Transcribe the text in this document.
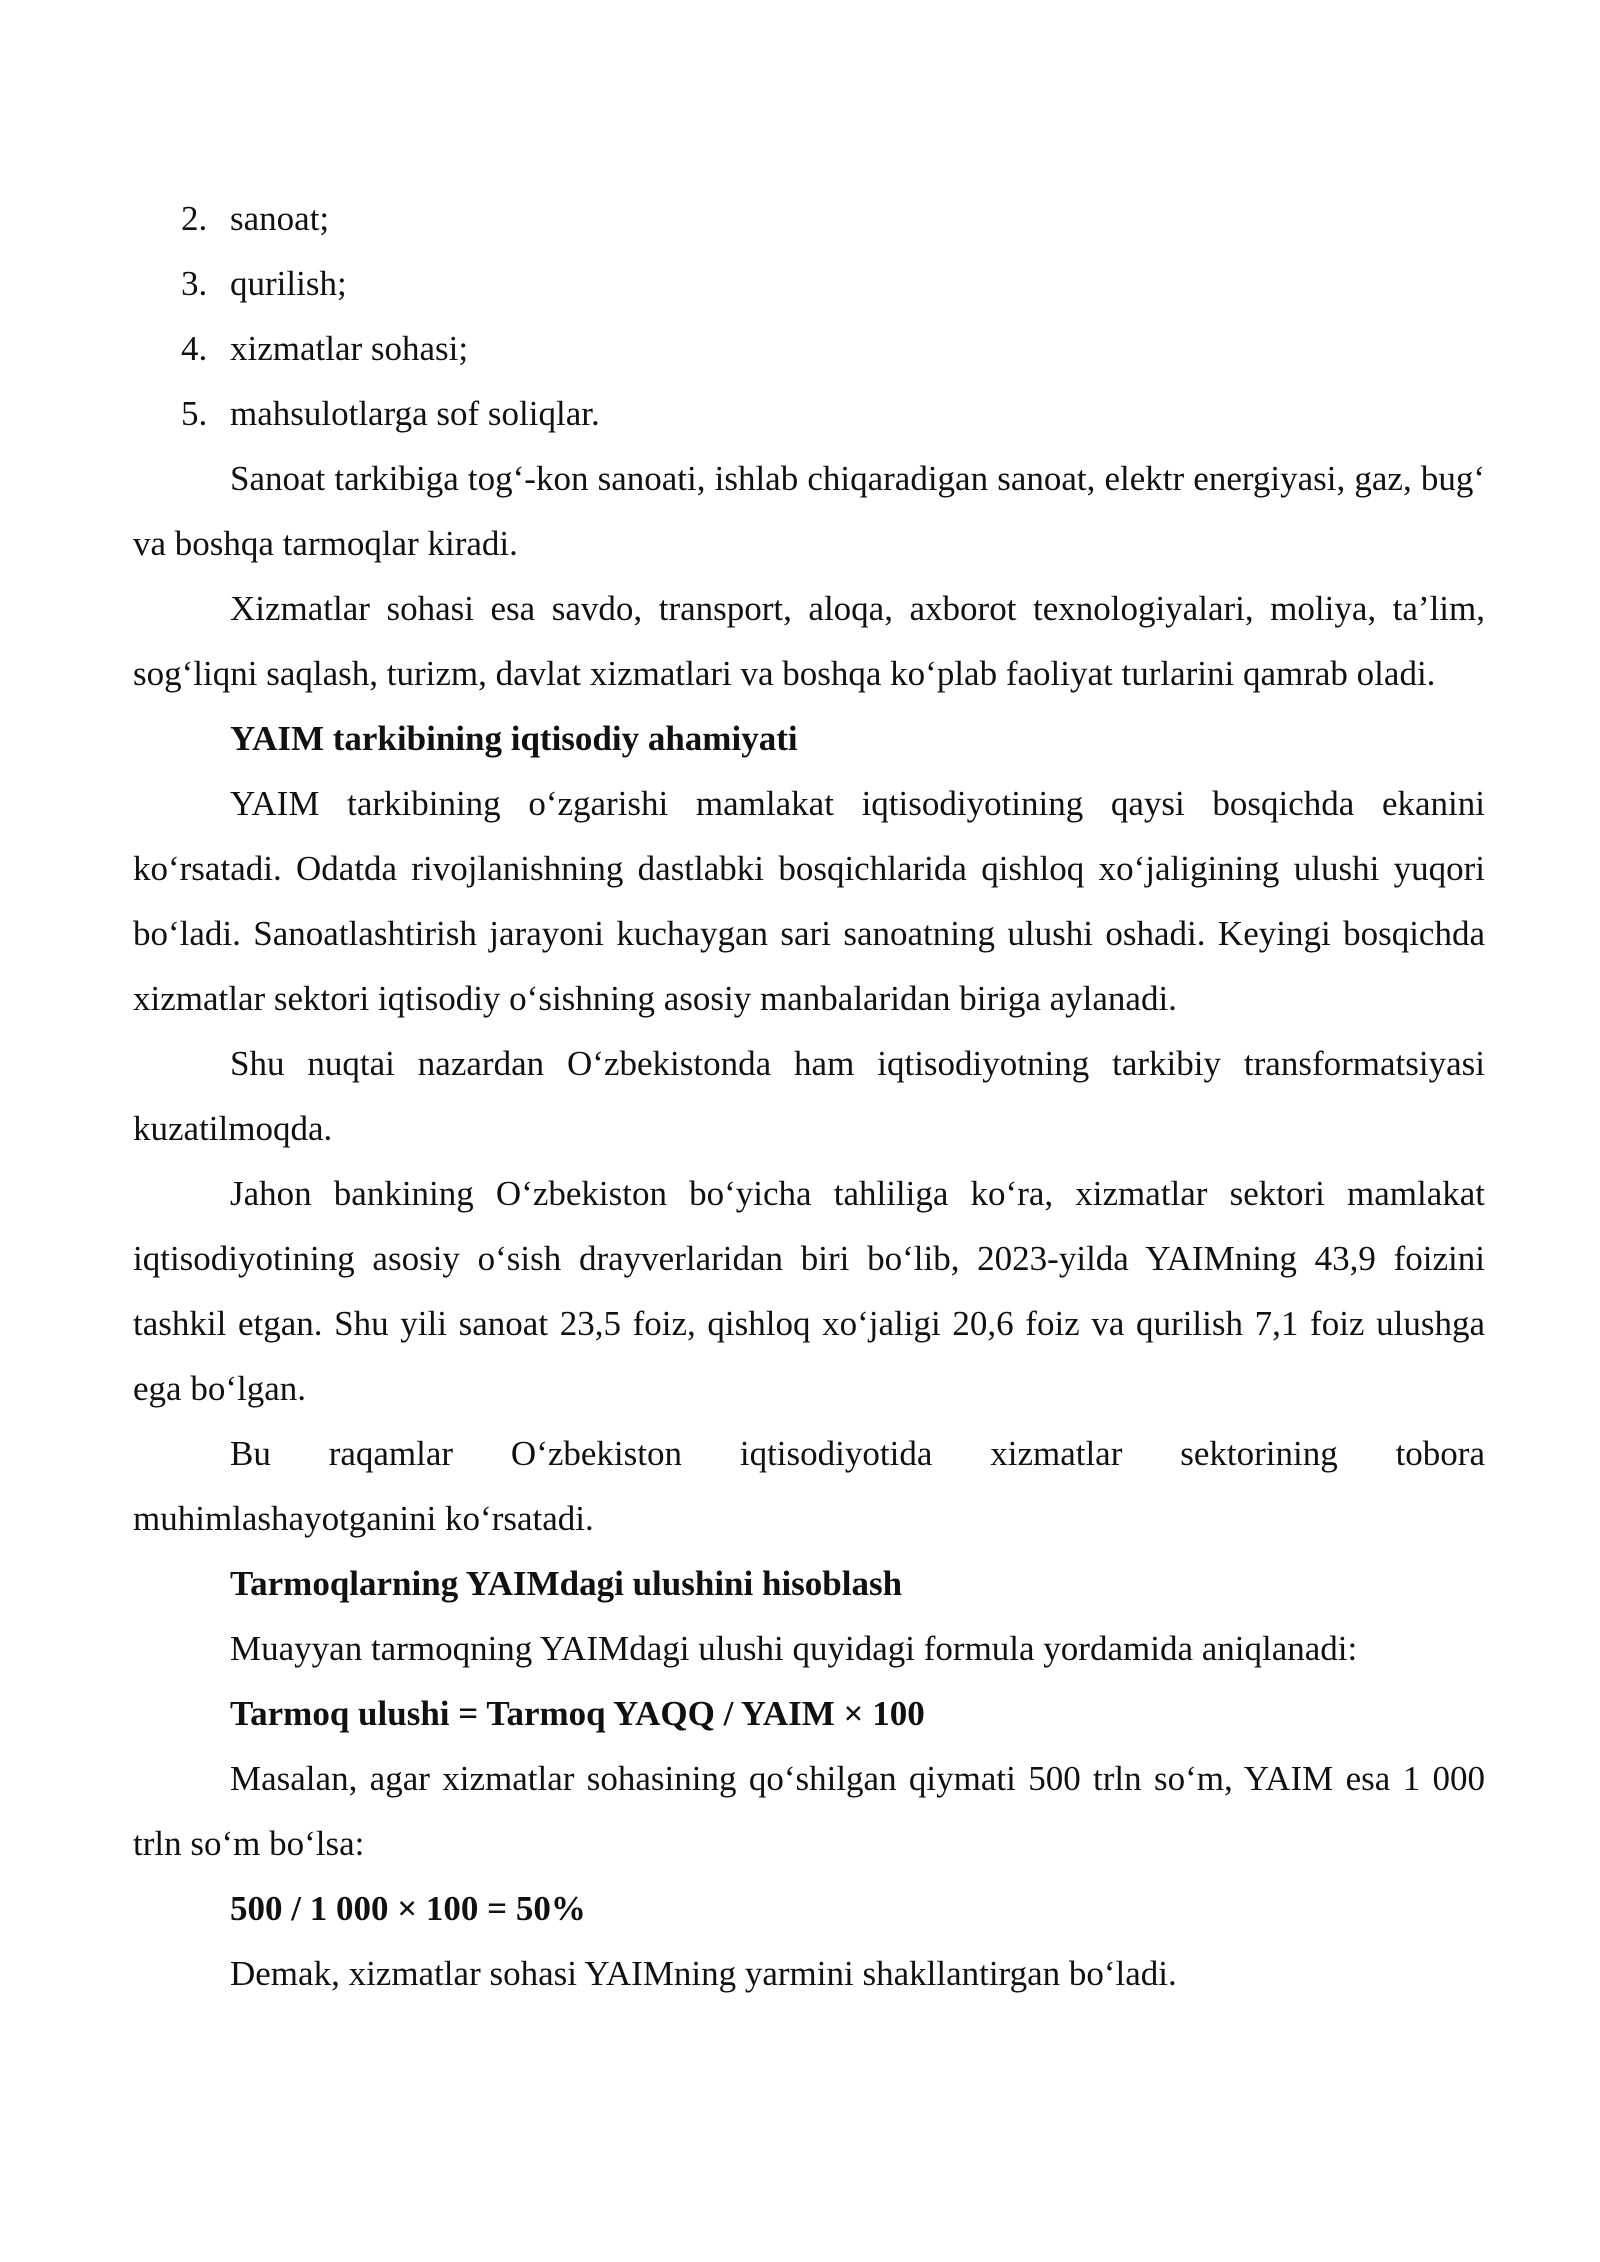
2. sanoat;
3. qurilish;
4. xizmatlar sohasi;
5. mahsulotlarga sof soliqlar.

Sanoat tarkibiga tog‘-kon sanoati, ishlab chiqaradigan sanoat, elektr energiyasi, gaz, bug‘ va boshqa tarmoqlar kiradi.

Xizmatlar sohasi esa savdo, transport, aloqa, axborot texnologiyalari, moliya, ta’lim, sog‘liqni saqlash, turizm, davlat xizmatlari va boshqa ko‘plab faoliyat turlarini qamrab oladi.

YAIM tarkibining iqtisodiy ahamiyati

YAIM tarkibining o‘zgarishi mamlakat iqtisodiyotining qaysi bosqichda ekanini ko‘rsatadi. Odatda rivojlanishning dastlabki bosqichlarida qishloq xo‘jaligining ulushi yuqori bo‘ladi. Sanoatlashtirish jarayoni kuchaygan sari sanoatning ulushi oshadi. Keyingi bosqichda xizmatlar sektori iqtisodiy o‘sishning asosiy manbalaridan biriga aylanadi.

Shu nuqtai nazardan O‘zbekistonda ham iqtisodiyotning tarkibiy transformatsiyasi kuzatilmoqda.

Jahon bankining O‘zbekiston bo‘yicha tahliliga ko‘ra, xizmatlar sektori mamlakat iqtisodiyotining asosiy o‘sish drayverlaridan biri bo‘lib, 2023-yilda YAIMning 43,9 foizini tashkil etgan. Shu yili sanoat 23,5 foiz, qishloq xo‘jaligi 20,6 foiz va qurilish 7,1 foiz ulushga ega bo‘lgan.

Bu raqamlar O‘zbekiston iqtisodiyotida xizmatlar sektorining tobora

muhimlashayotganini ko‘rsatadi.

Tarmoqlarning YAIMdagi ulushini hisoblash

Muayyan tarmoqning YAIMdagi ulushi quyidagi formula yordamida aniqlanadi:

Tarmoq ulushi = Tarmoq YAQQ / YAIM × 100

Masalan, agar xizmatlar sohasining qo‘shilgan qiymati 500 trln so‘m, YAIM esa 1 000 trln so‘m bo‘lsa:

500 / 1 000 × 100 = 50%

Demak, xizmatlar sohasi YAIMning yarmini shakllantirgan bo‘ladi.
